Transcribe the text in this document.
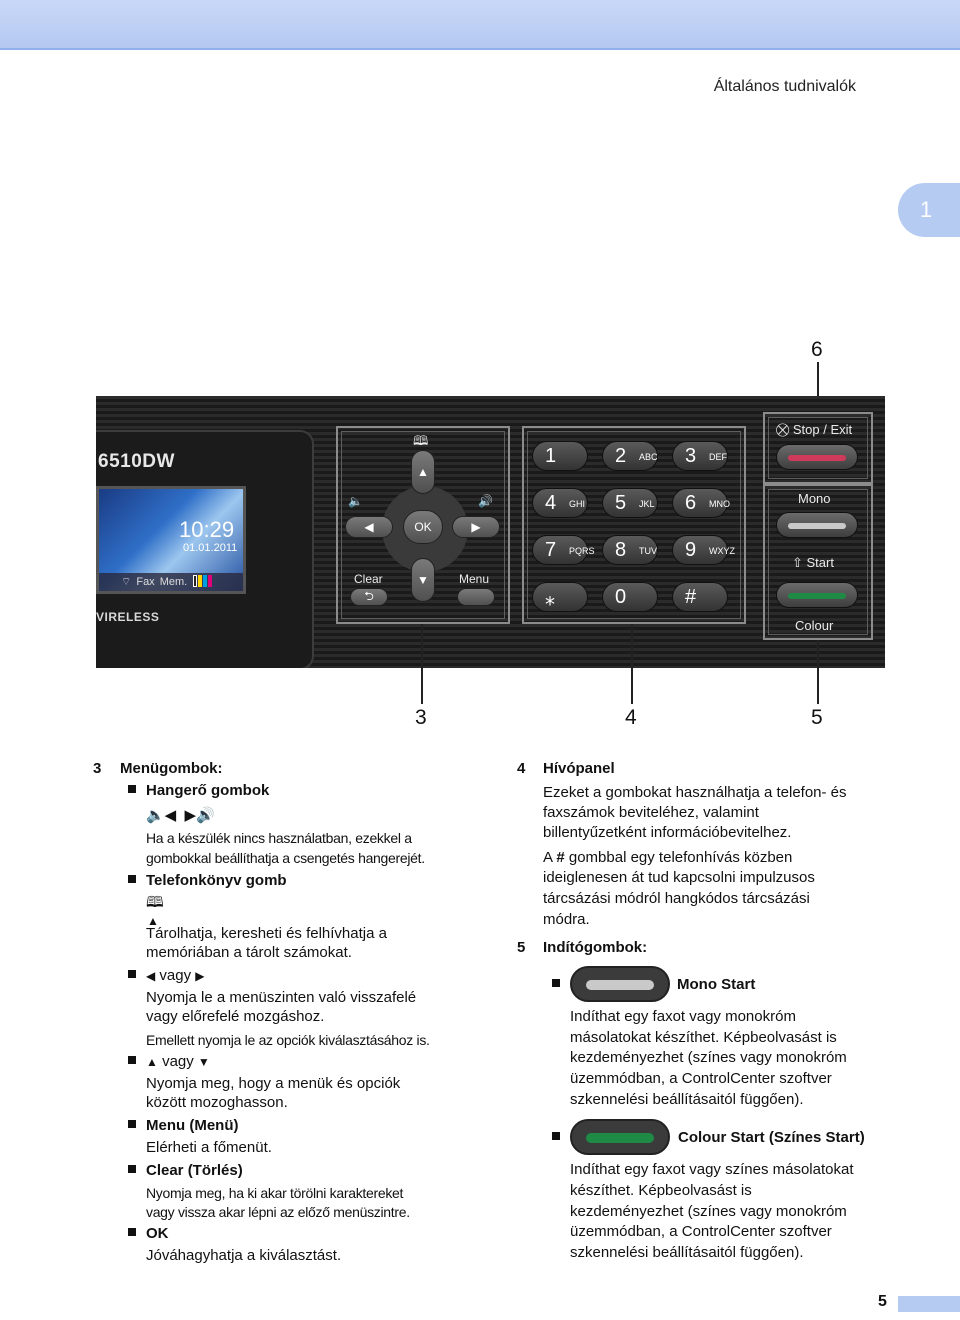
Általános tudnivalók
1
6
6510DW
10:29
01.01.2011
⌔ Fax Mem.
VIRELESS
🕮
▲
▼
◀	▶
OK
🔈	🔊
Clear
⮌
Menu
1	2 ABC 3 DEF
4 GHI 5 JKL 6 MNO
7 PQRS 8 TUV 9 WXYZ
⁎	0	#
⛒ Stop / Exit
Mono
⇧ Start
Colour
3	4	5
3 Menügombok:
Hangerő gombok
🔈◀  ▶🔊
Ha a készülék nincs használatban, ezekkel a
gombokkal beállíthatja a csengetés hangerejét.
Telefonkönyv gomb
🕮
▲
Tárolhatja, keresheti és felhívhatja a
memóriában a tárolt számokat.
◀ vagy ▶
Nyomja le a menüszinten való visszafelé
vagy előrefelé mozgáshoz.
Emellett nyomja le az opciók kiválasztásához is.
▲ vagy ▼
Nyomja meg, hogy a menük és opciók
között mozoghasson.
Menu (Menü)
Elérheti a főmenüt.
Clear (Törlés)
Nyomja meg, ha ki akar törölni karaktereket
vagy vissza akar lépni az előző menüszintre.
OK
Jóváhagyhatja a kiválasztást.
4 Hívópanel
Ezeket a gombokat használhatja a telefon- és
faxszámok beviteléhez, valamint
billentyűzetként információbevitelhez.
A # gombbal egy telefonhívás közben
ideiglenesen át tud kapcsolni impulzusos
tárcsázási módról hangkódos tárcsázási
módra.
5 Indítógombok:
Mono Start
Indíthat egy faxot vagy monokróm
másolatokat készíthet. Képbeolvasást is
kezdeményezhet (színes vagy monokróm
üzemmódban, a ControlCenter szoftver
szkennelési beállításaitól függően).
Colour Start (Színes Start)
Indíthat egy faxot vagy színes másolatokat
készíthet. Képbeolvasást is
kezdeményezhet (színes vagy monokróm
üzemmódban, a ControlCenter szoftver
szkennelési beállításaitól függően).
5
